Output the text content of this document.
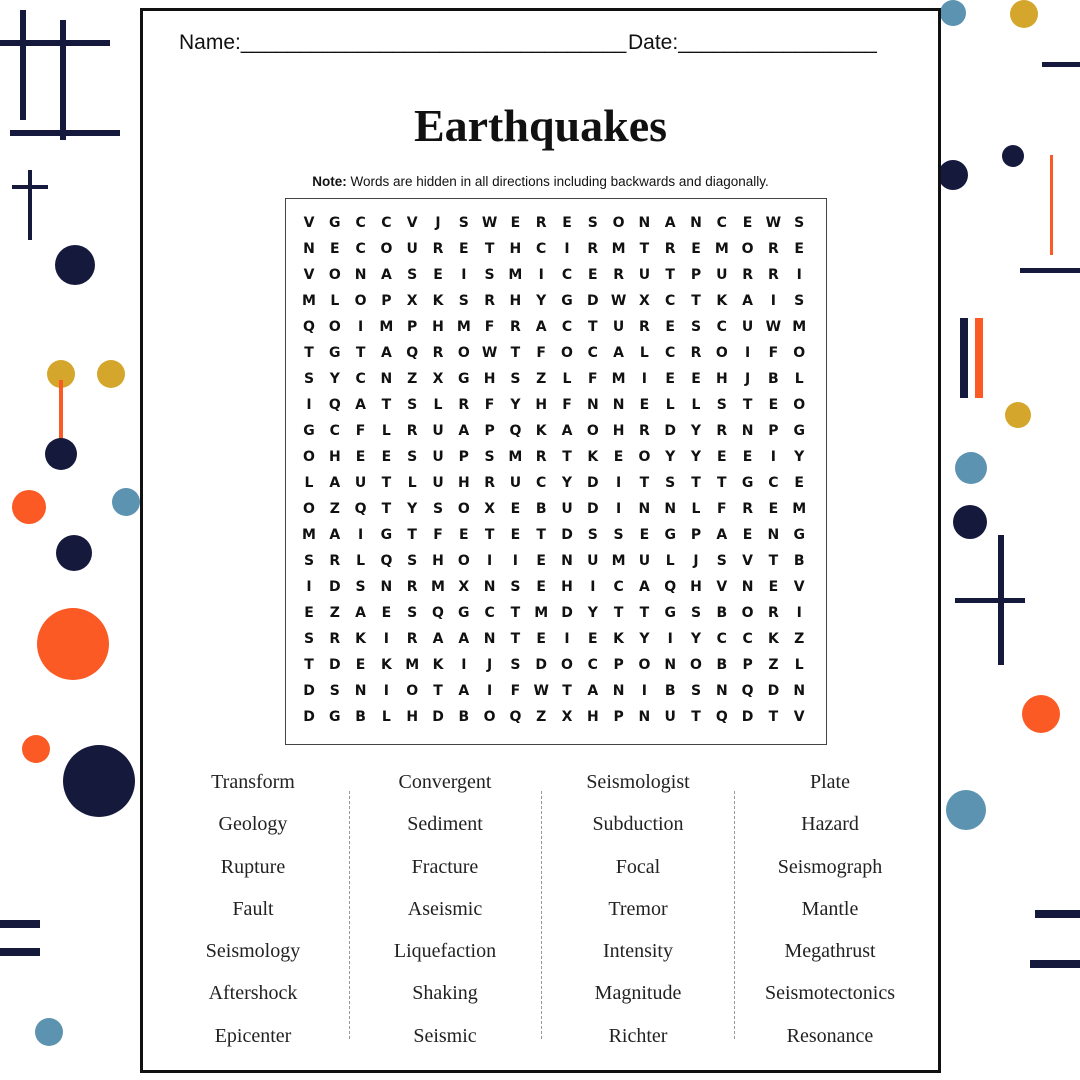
Name:_________________________________ Date:_________________
Earthquakes
Note: Words are hidden in all directions including backwards and diagonally.
V	G	C	C	V	J	S W E	R	E	S	O N	A	N	C	E W S
N	E	C	O	U	R	E	T	H	C	I	R M	T	R	E	M O	R	E
V	O N	A	S	E	I	S M	I	C	E	R	U	T	P	U	R	R	I
M	L	O	P	X	K	S	R	H	Y	G	D W X	C	T	K	A	I	S
Q O	I	M P	H M	F	R	A	C	T	U	R	E	S	C	U W M
T	G	T	A	Q	R	O W T	F	O	C	A	L	C	R	O	I	F	O
S	Y	C	N	Z	X	G	H	S	Z	L	F	M	I	E	E	H	J	B	L
I	Q	A	T	S	L	R	F	Y	H	F	N	N	E	L	L	S	T	E	O
G	C	F	L	R	U	A	P	Q	K	A	O H	R	D	Y	R	N	P	G
O H	E	E	S	U	P	S M R	T	K	E	O	Y	Y	E	E	I	Y
L	A	U	T	L	U	H	R	U	C	Y	D	I	T	S	T	T	G	C	E
O	Z	Q	T	Y	S	O	X	E	B	U	D	I	N	N	L	F	R	E	M
M A	I	G	T	F	E	T	E	T	D	S	S	E	G	P	A	E	N	G
S	R	L	Q	S	H O	I	I	E	N	U M U	L	J	S	V	T	B
I	D	S	N	R M X	N	S	E	H	I	C	A	Q	H	V	N	E	V
E	Z	A	E	S	Q	G	C	T	M D	Y	T	T	G	S	B	O	R	I
S	R	K	I	R	A	A	N	T	E	I	E	K	Y	I	Y	C	C	K	Z
T	D	E	K M K	I	J	S	D	O	C	P	O N	O	B	P	Z	L
D	S	N	I	O	T	A	I	F W T	A	N	I	B	S	N Q	D	N
D	G	B	L	H	D	B	O Q	Z	X	H	P	N	U	T	Q	D	T	V
Transform
Geology
Rupture
Fault
Seismology
Aftershock
Epicenter
Convergent
Sediment
Fracture
Aseismic
Liquefaction
Shaking
Seismic
Seismologist
Subduction
Focal
Tremor
Intensity
Magnitude
Richter
Plate
Hazard
Seismograph
Mantle
Megathrust
Seismotectonics
Resonance
